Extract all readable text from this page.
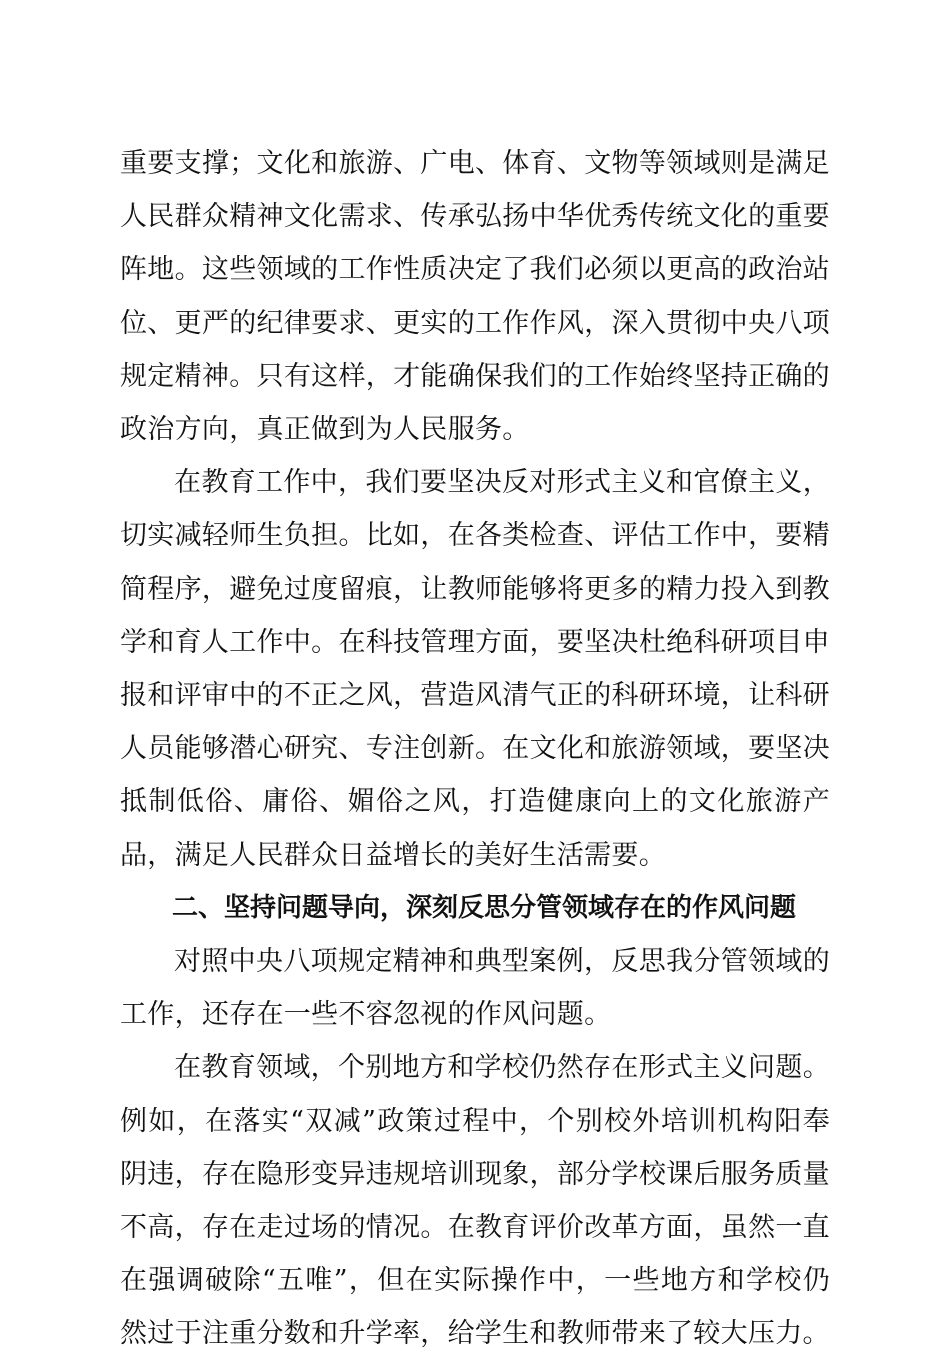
重要支撑；文化和旅游、广电、体育、文物等领域则是满足人民群众精神文化需求、传承弘扬中华优秀传统文化的重要阵地。这些领域的工作性质决定了我们必须以更高的政治站位、更严的纪律要求、更实的工作作风，深入贯彻中央八项规定精神。只有这样，才能确保我们的工作始终坚持正确的政治方向，真正做到为人民服务。

在教育工作中，我们要坚决反对形式主义和官僚主义，切实减轻师生负担。比如，在各类检查、评估工作中，要精简程序，避免过度留痕，让教师能够将更多的精力投入到教学和育人工作中。在科技管理方面，要坚决杜绝科研项目申报和评审中的不正之风，营造风清气正的科研环境，让科研人员能够潜心研究、专注创新。在文化和旅游领域，要坚决抵制低俗、庸俗、媚俗之风，打造健康向上的文化旅游产品，满足人民群众日益增长的美好生活需要。

二、坚持问题导向，深刻反思分管领域存在的作风问题

对照中央八项规定精神和典型案例，反思我分管领域的工作，还存在一些不容忽视的作风问题。

在教育领域，个别地方和学校仍然存在形式主义问题。例如，在落实“双减”政策过程中，个别校外培训机构阳奉阴违，存在隐形变异违规培训现象，部分学校课后服务质量不高，存在走过场的情况。在教育评价改革方面，虽然一直在强调破除“五唯”，但在实际操作中，一些地方和学校仍然过于注重分数和升学率，给学生和教师带来了较大压力。
